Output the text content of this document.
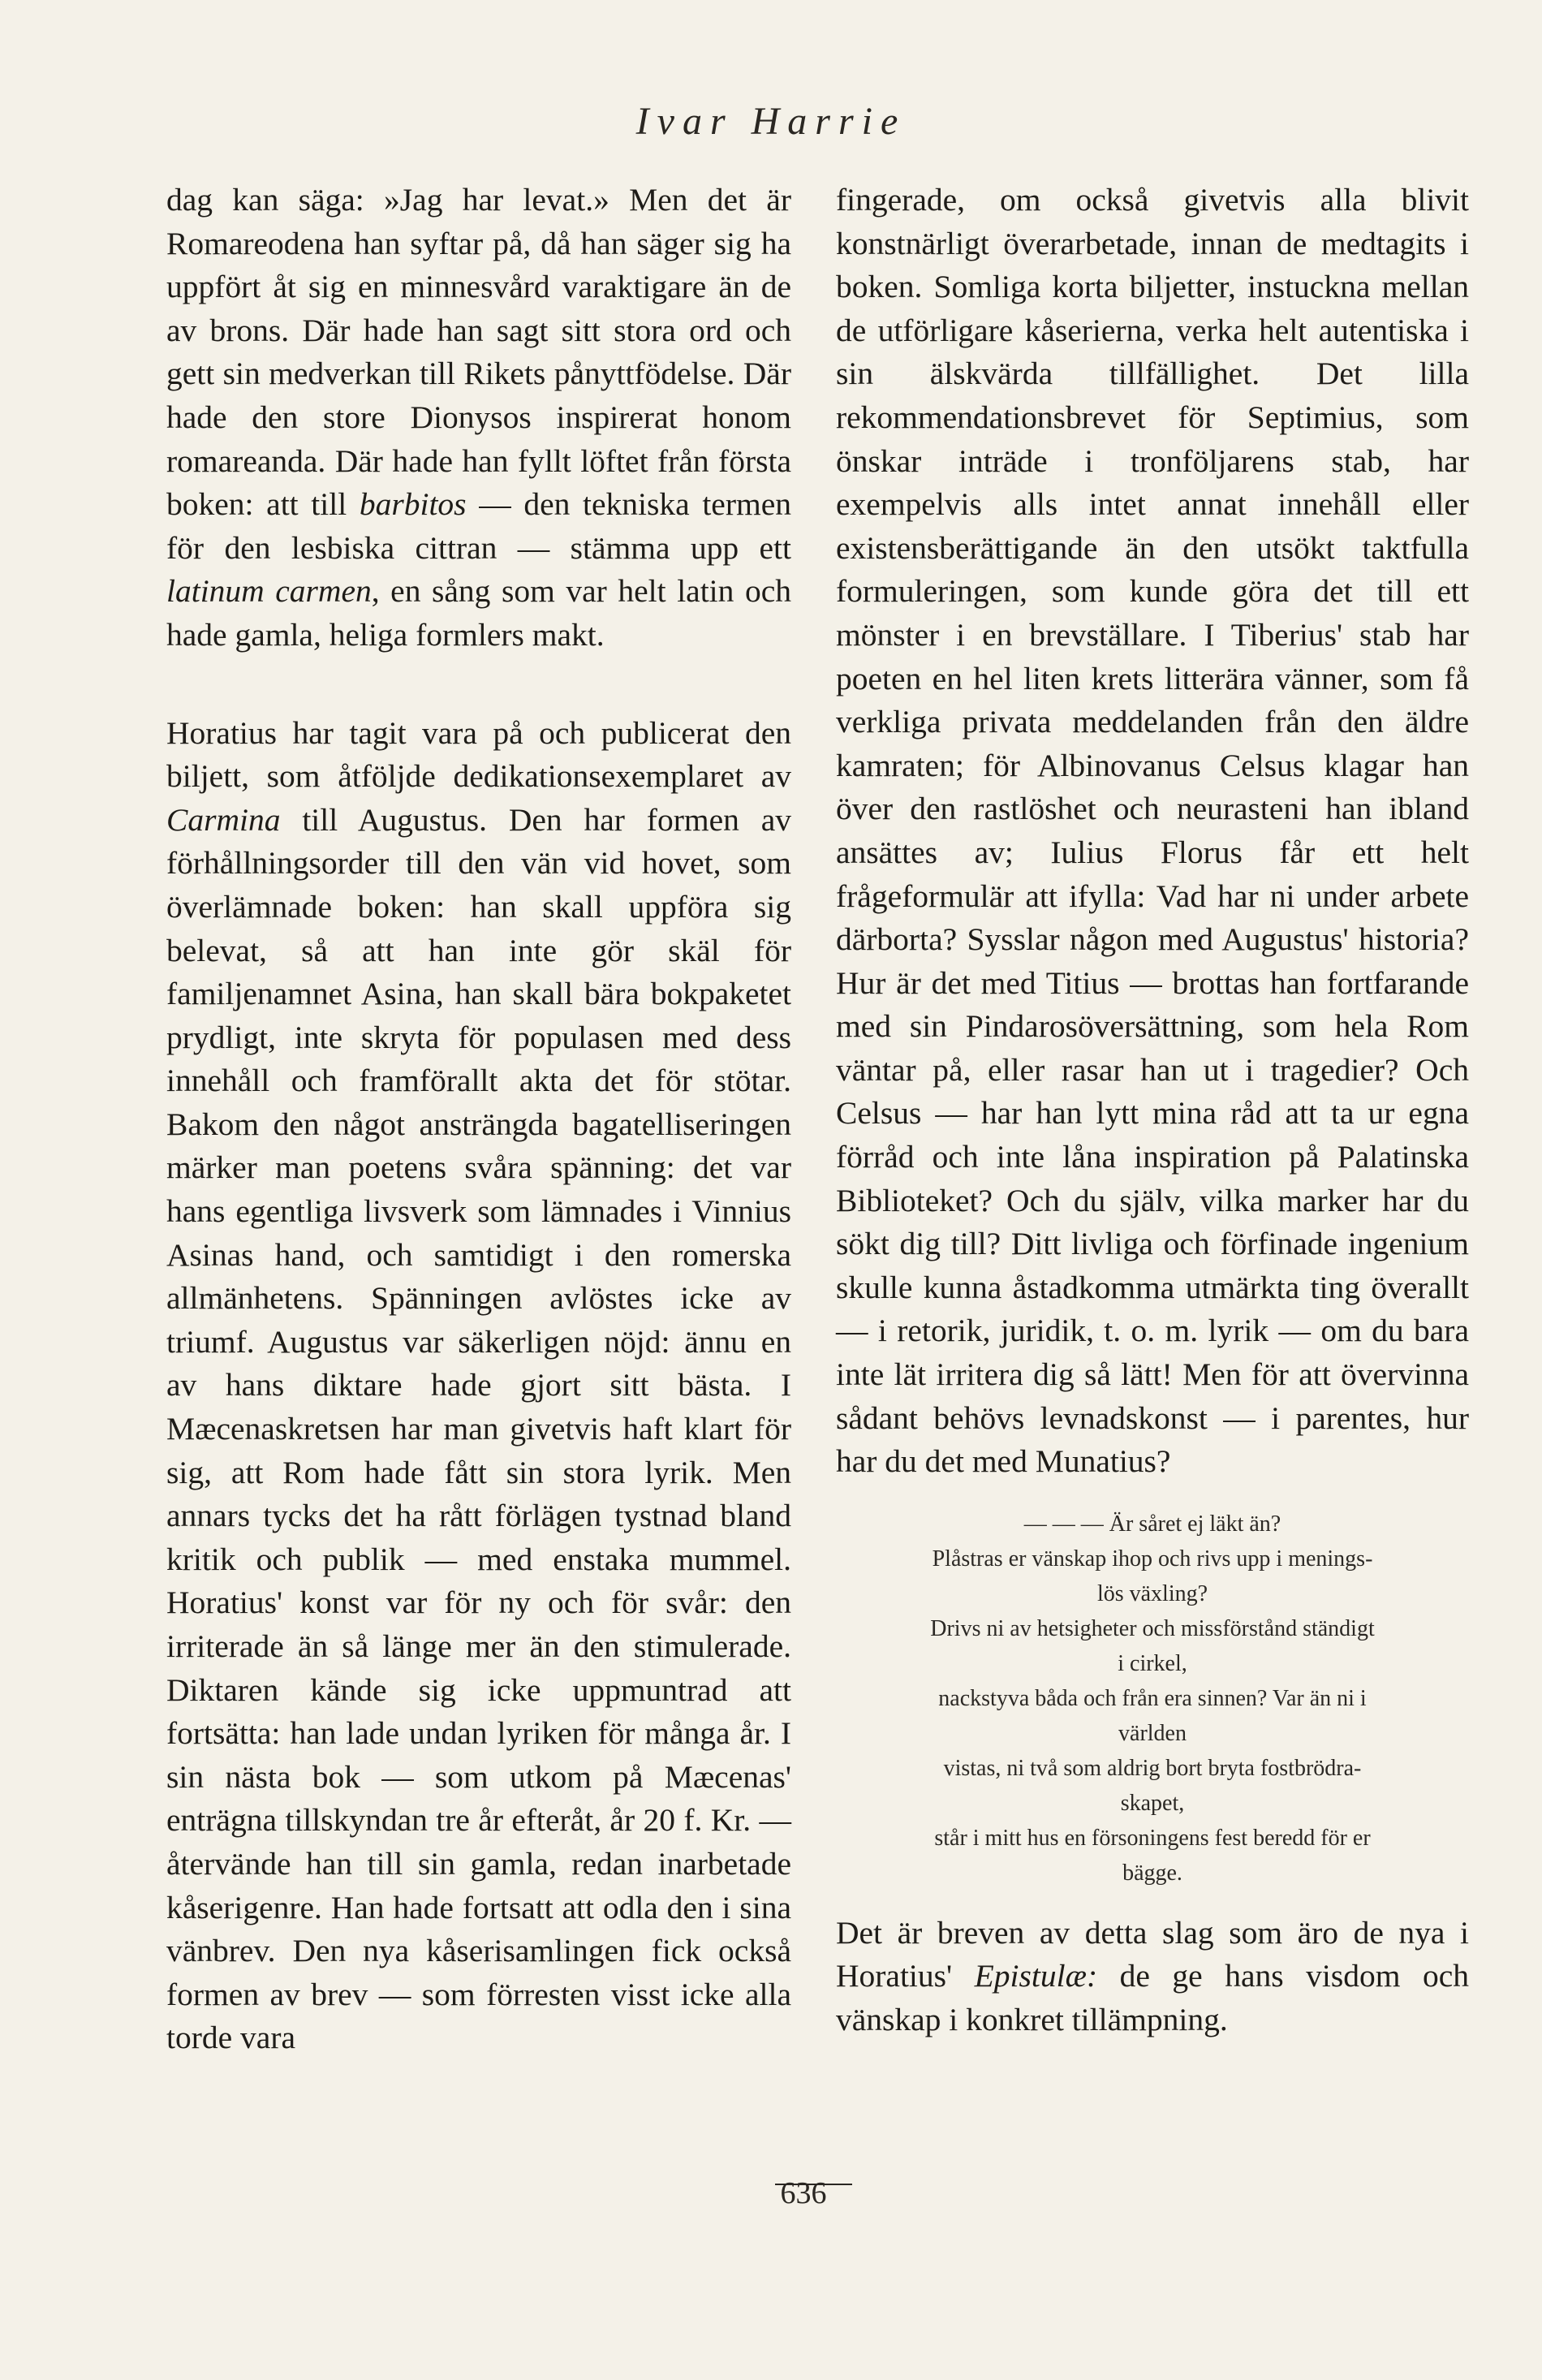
Ivar Harrie

dag kan säga: »Jag har levat.» Men det är Romareodena han syftar på, då han säger sig ha uppfört åt sig en minnesvård varaktigare än de av brons. Där hade han sagt sitt stora ord och gett sin medverkan till Rikets pånyttfödelse. Där hade den store Dionysos inspirerat honom romareanda. Där hade han fyllt löftet från första boken: att till barbitos — den tekniska termen för den lesbiska cittran — stämma upp ett latinum carmen, en sång som var helt latin och hade gamla, heliga formlers makt.

Horatius har tagit vara på och publicerat den biljett, som åtföljde dedikationsexemplaret av Carmina till Augustus. Den har formen av förhållningsorder till den vän vid hovet, som överlämnade boken: han skall uppföra sig belevat, så att han inte gör skäl för familjenamnet Asina, han skall bära bokpaketet prydligt, inte skryta för populasen med dess innehåll och framförallt akta det för stötar. Bakom den något ansträngda bagatelliseringen märker man poetens svåra spänning: det var hans egentliga livsverk som lämnades i Vinnius Asinas hand, och samtidigt i den romerska allmänhetens. Spänningen avlöstes icke av triumf. Augustus var säkerligen nöjd: ännu en av hans diktare hade gjort sitt bästa. I Mæcenaskretsen har man givetvis haft klart för sig, att Rom hade fått sin stora lyrik. Men annars tycks det ha rått förlägen tystnad bland kritik och publik — med enstaka mummel. Horatius' konst var för ny och för svår: den irriterade än så länge mer än den stimulerade. Diktaren kände sig icke uppmuntrad att fortsätta: han lade undan lyriken för många år. I sin nästa bok — som utkom på Mæcenas' enträgna tillskyndan tre år efteråt, år 20 f. Kr. — återvände han till sin gamla, redan inarbetade kåserigenre. Han hade fortsatt att odla den i sina vänbrev. Den nya kåserisamlingen fick också formen av brev — som förresten visst icke alla torde vara

fingerade, om också givetvis alla blivit konstnärligt överarbetade, innan de medtagits i boken. Somliga korta biljetter, instuckna mellan de utförligare kåserierna, verka helt autentiska i sin älskvärda tillfällighet. Det lilla rekommendationsbrevet för Septimius, som önskar inträde i tronföljarens stab, har exempelvis alls intet annat innehåll eller existensberättigande än den utsökt taktfulla formuleringen, som kunde göra det till ett mönster i en brevställare. I Tiberius' stab har poeten en hel liten krets litterära vänner, som få verkliga privata meddelanden från den äldre kamraten; för Albinovanus Celsus klagar han över den rastlöshet och neurasteni han ibland ansättes av; Iulius Florus får ett helt frågeformulär att ifylla: Vad har ni under arbete därborta? Sysslar någon med Augustus' historia? Hur är det med Titius — brottas han fortfarande med sin Pindarosöversättning, som hela Rom väntar på, eller rasar han ut i tragedier? Och Celsus — har han lytt mina råd att ta ur egna förråd och inte låna inspiration på Palatinska Biblioteket? Och du själv, vilka marker har du sökt dig till? Ditt livliga och förfinade ingenium skulle kunna åstadkomma utmärkta ting överallt — i retorik, juridik, t. o. m. lyrik — om du bara inte lät irritera dig så lätt! Men för att övervinna sådant behövs levnadskonst — i parentes, hur har du det med Munatius?

— — — Är såret ej läkt än?
Plåstras er vänskap ihop och rivs upp i menings-
lös växling?
Drivs ni av hetsigheter och missförstånd ständigt
i cirkel,
nackstyva båda och från era sinnen? Var än ni i
världen
vistas, ni två som aldrig bort bryta fostbrödra-
skapet,
står i mitt hus en försoningens fest beredd för er
bägge.

Det är breven av detta slag som äro de nya i Horatius' Epistulæ: de ge hans visdom och vänskap i konkret tillämpning.

636
